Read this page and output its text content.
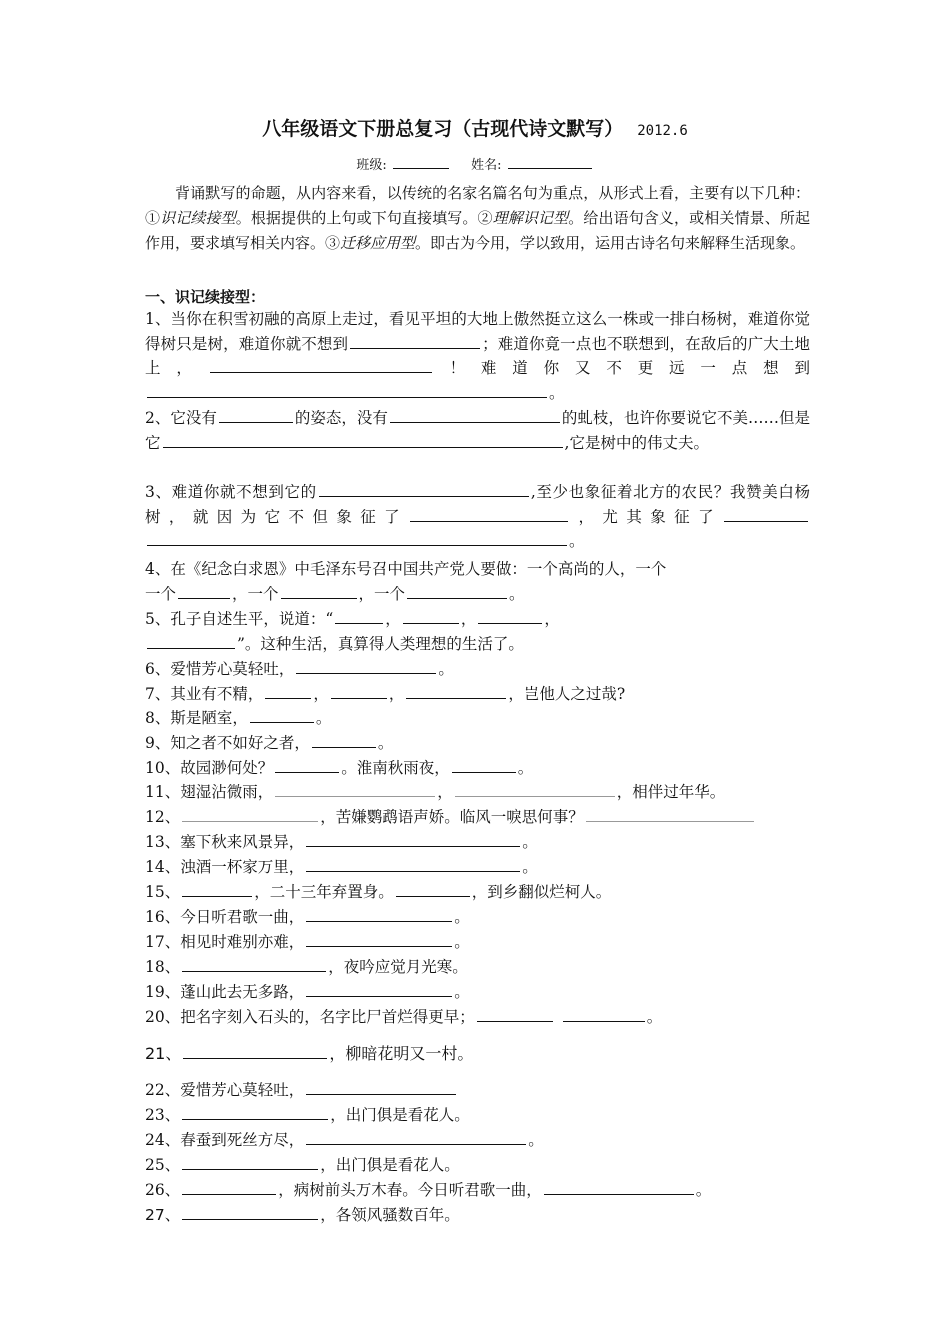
八年级语文下册总复习（古现代诗文默写） 2012.6
班级:	姓名:
背诵默写的命题，从内容来看，以传统的名家名篇名句为重点，从形式上看，主要有以下几种：①识记续接型。根据提供的上句或下句直接填写。②理解识记型。给出语句含义，或相关情景、所起作用，要求填写相关内容。③迁移应用型。即古为今用，学以致用，运用古诗名句来解释生活现象。
一、识记续接型：
1、当你在积雪初融的高原上走过，看见平坦的大地上傲然挺立这么一株或一排白杨树，难道你觉得树只是树，难道你就不想到	；难道你竟一点也不联想到，在敌后的广大土地上，	！难道你又不更远一点想到。
2、它没有	的姿态，没有	的虬枝，也许你要说它不美……但是它	,它是树中的伟丈夫。
3、难道你就不想到它的	,至少也象征着北方的农民？我赞美白杨树，就因为它不但象征了	，尤其象征了。
4、在《纪念白求恩》中毛泽东号召中国共产党人要做：一个高尚的人，一个
一个	，一个	，一个	。
5、孔子自述生平，说道：“	，	，	，
”。这种生活，真算得人类理想的生活了。
6、爱惜芳心莫轻吐，	。
7、其业有不精，	，	，	，岂他人之过哉?
8、斯是陋室，	。
9、知之者不如好之者，	。
10、故园渺何处？	。淮南秋雨夜，	。
11、翅湿沾微雨，	，	，相伴过年华。
12、	，苦嫌鹦鹉语声娇。临风一唳思何事？
13、塞下秋来风景异，	。
14、浊酒一杯家万里，	。
15、	，二十三年弃置身。	，到乡翻似烂柯人。
16、今日听君歌一曲，	。
17、相见时难别亦难，	。
18、	，夜吟应觉月光寒。
19、蓬山此去无多路，	。
20、把名字刻入石头的，名字比尸首烂得更早；	。
21、	，柳暗花明又一村。
22、爱惜芳心莫轻吐，
23、	，出门俱是看花人。
24、春蚕到死丝方尽，	。
25、	，出门俱是看花人。
26、	，病树前头万木春。今日听君歌一曲，	。
27、	，各领风骚数百年。
